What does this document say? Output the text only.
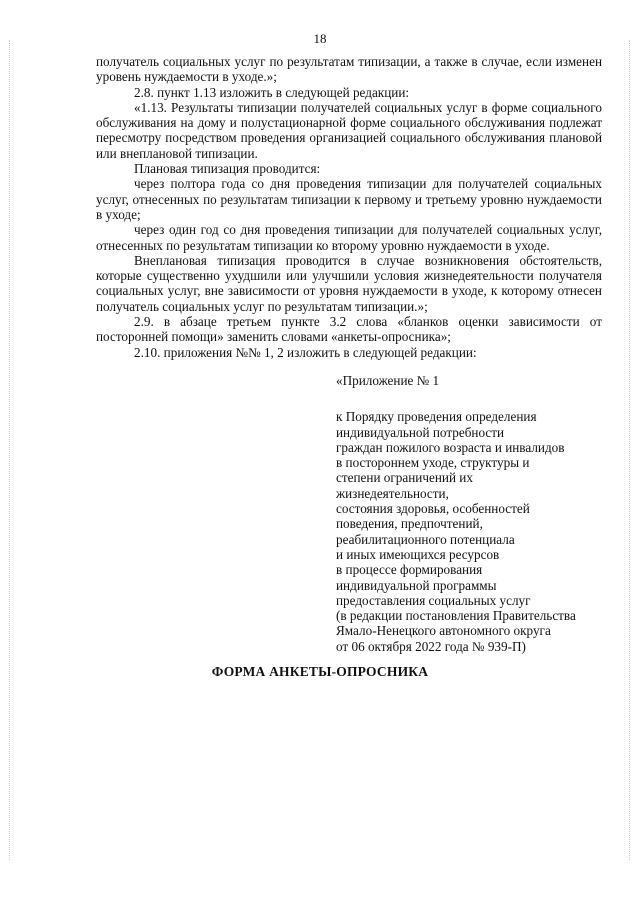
18

получатель социальных услуг по результатам типизации, а также в случае, если изменен уровень нуждаемости в уходе.»;

2.8. пункт 1.13 изложить в следующей редакции:

«1.13. Результаты типизации получателей социальных услуг в форме социального обслуживания на дому и полустационарной форме социального обслуживания подлежат пересмотру посредством проведения организацией социального обслуживания плановой или внеплановой типизации.

Плановая типизация проводится:

через полтора года со дня проведения типизации для получателей социальных услуг, отнесенных по результатам типизации к первому и третьему уровню нуждаемости в уходе;

через один год со дня проведения типизации для получателей социальных услуг, отнесенных по результатам типизации ко второму уровню нуждаемости в уходе.

Внеплановая типизация проводится в случае возникновения обстоятельств, которые существенно ухудшили или улучшили условия жизнедеятельности получателя социальных услуг, вне зависимости от уровня нуждаемости в уходе, к которому отнесен получатель социальных услуг по результатам типизации.»;

2.9. в абзаце третьем пункте 3.2 слова «бланков оценки зависимости от посторонней помощи» заменить словами «анкеты-опросника»;

2.10. приложения №№ 1, 2 изложить в следующей редакции:

«Приложение № 1
к Порядку проведения определения
индивидуальной потребности
граждан пожилого возраста и инвалидов
в постороннем уходе, структуры и
степени ограничений их
жизнедеятельности,
состояния здоровья, особенностей
поведения, предпочтений,
реабилитационного потенциала
и иных имеющихся ресурсов
в процессе формирования
индивидуальной программы
предоставления социальных услуг
(в редакции постановления Правительства
Ямало-Ненецкого автономного округа
от 06 октября 2022 года № 939-П)
ФОРМА АНКЕТЫ-ОПРОСНИКА
